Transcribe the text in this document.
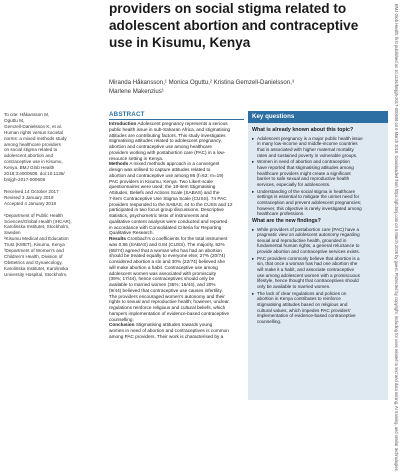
providers on social stigma related to
adolescent abortion and contraceptive
use in Kisumu, Kenya
Miranda Håkansson,¹ Monica Oguttu,² Kristina Gemzell-Danielsson,³
Marlene Makenzius¹
To cite: Håkansson M,
Oguttu M,
Gemzell-Danielsson K, et al.
Human rights versus societal
norms: a mixed methods study
among healthcare providers
on social stigma related to
adolescent abortion and
contraceptive use in Kisumu,
Kenya. BMJ Glob Health
2018;3:e000608. doi:10.1136/
bmjgh-2017-000608
Received 14 October 2017
Revised 3 January 2018
Accepted 4 January 2018
¹Department of Public Health
Sciences/Global Health (IHCAR),
Karolinska Institutet, Stockholm,
Sweden
²Kisumu Medical and Education
Trust (KMET), Kisumu, Kenya
³Department of Women's and
Children's Health, Division of
Obstetrics and Gynaecology,
Karolinska Institutet, Karolinska
University Hospital, Stockholm,
ABSTRACT
Introduction Adolescent pregnancy represents a serious
public health issue in sub-Saharan Africa, and stigmatising
attitudes are contributing factors. This study investigates
stigmatising attitudes related to adolescent pregnancy,
abortion and contraceptive use among healthcare
providers working with postabortion care (PAC) in a low-
resource setting in Kenya.
Methods A mixed methods approach in a convergent
design was utilised to capture attitudes related to
abortion and contraceptive use among 86 (f=62; m=19)
PAC providers in Kisumu, Kenya. Two Likert-scale
questionnaires were used: the 18-item Stigmatising
Attitudes, Beliefs and Actions Scale (SABAS) and the
7-item Contraceptive Use Stigma Scale (CUSS). 74 PAC
providers responded to the SABAS, 44 to the CUSS and 12
participated in two focus group discussions. Descriptive
statistics, psychometric tests of instruments and
qualitative content analysis were conducted and reported
in accordance with Consolidated Criteria for Reporting
Qualitative Research.
Results Cronbach's α coefficients for the total instrument
was 0.86 (SABAS) and 0.84 (CUSS). The majority, 92%
(68/74) agreed that a woman who has had an abortion
should be treated equally to everyone else; 27% (20/74)
considered abortion a sin and 30% (22/74) believed she
will make abortion a habit. Contraceptive use among
adolescent women was associated with promiscuity
(39%; 17/44), hence contraceptives should only be
available to married women (36%; 16/44), and 20%
(9/44) believed that contraceptive use causes infertility.
The providers encouraged women's autonomy and their
rights to sexual and reproductive health; however, unclear
regulations reinforce religious and cultural beliefs, which
hampers implementation of evidence-based contraceptive
counselling.
Conclusion Stigmatising attitudes towards young
women in need of abortion and contraceptives is common
among PAC providers. Their work is characterised by a
Key questions
What is already known about this topic?
▸ Adolescent pregnancy is a major public health issue
in many low-income and middle-income countries
that is associated with higher maternal mortality
rates and sustained poverty in vulnerable groups.
▸ Women in need of abortion and contraception
have reported that stigmatising attitudes among
healthcare providers might create a significant
barrier to safe sexual and reproductive health
services, especially for adolescents.
▸ Understanding of the social stigma in healthcare
settings is essential to mitigate the unmet need for
contraception and prevent adolescent pregnancies;
however, this objective is rarely investigated among
healthcare professions.
What are the new findings?
▸ While providers of postabortion care (PAC) have a
pragmatic view on adolescent autonomy regarding
sexual and reproductive health, grounded in
fundamental human rights, a general reluctance to
provide abortion and contraceptive services exists.
▸ PAC providers commonly believe that abortion is a
sin, that once a woman has had one abortion she
will make it a habit, and associate contraceptive
use among adolescent women with a promiscuous
lifestyle, hence thought that contraceptives should
only be available to married women.
▸ The lack of clear regulations and policies on
abortion in Kenya contributes to reinforce
stigmatising attitudes based on religious and
cultural values, which impedes PAC providers'
implementation of evidence-based contraceptive
counselling.	BMJ Glob Health: first published as 10.1136/bmjgh-2017-000608 on 6 March 2018. Downloaded from https://gh.bmj.com on 5 March 2026 by guest. Protected by copyright, including for uses related to text and data mining, AI training, and similar technologies.
